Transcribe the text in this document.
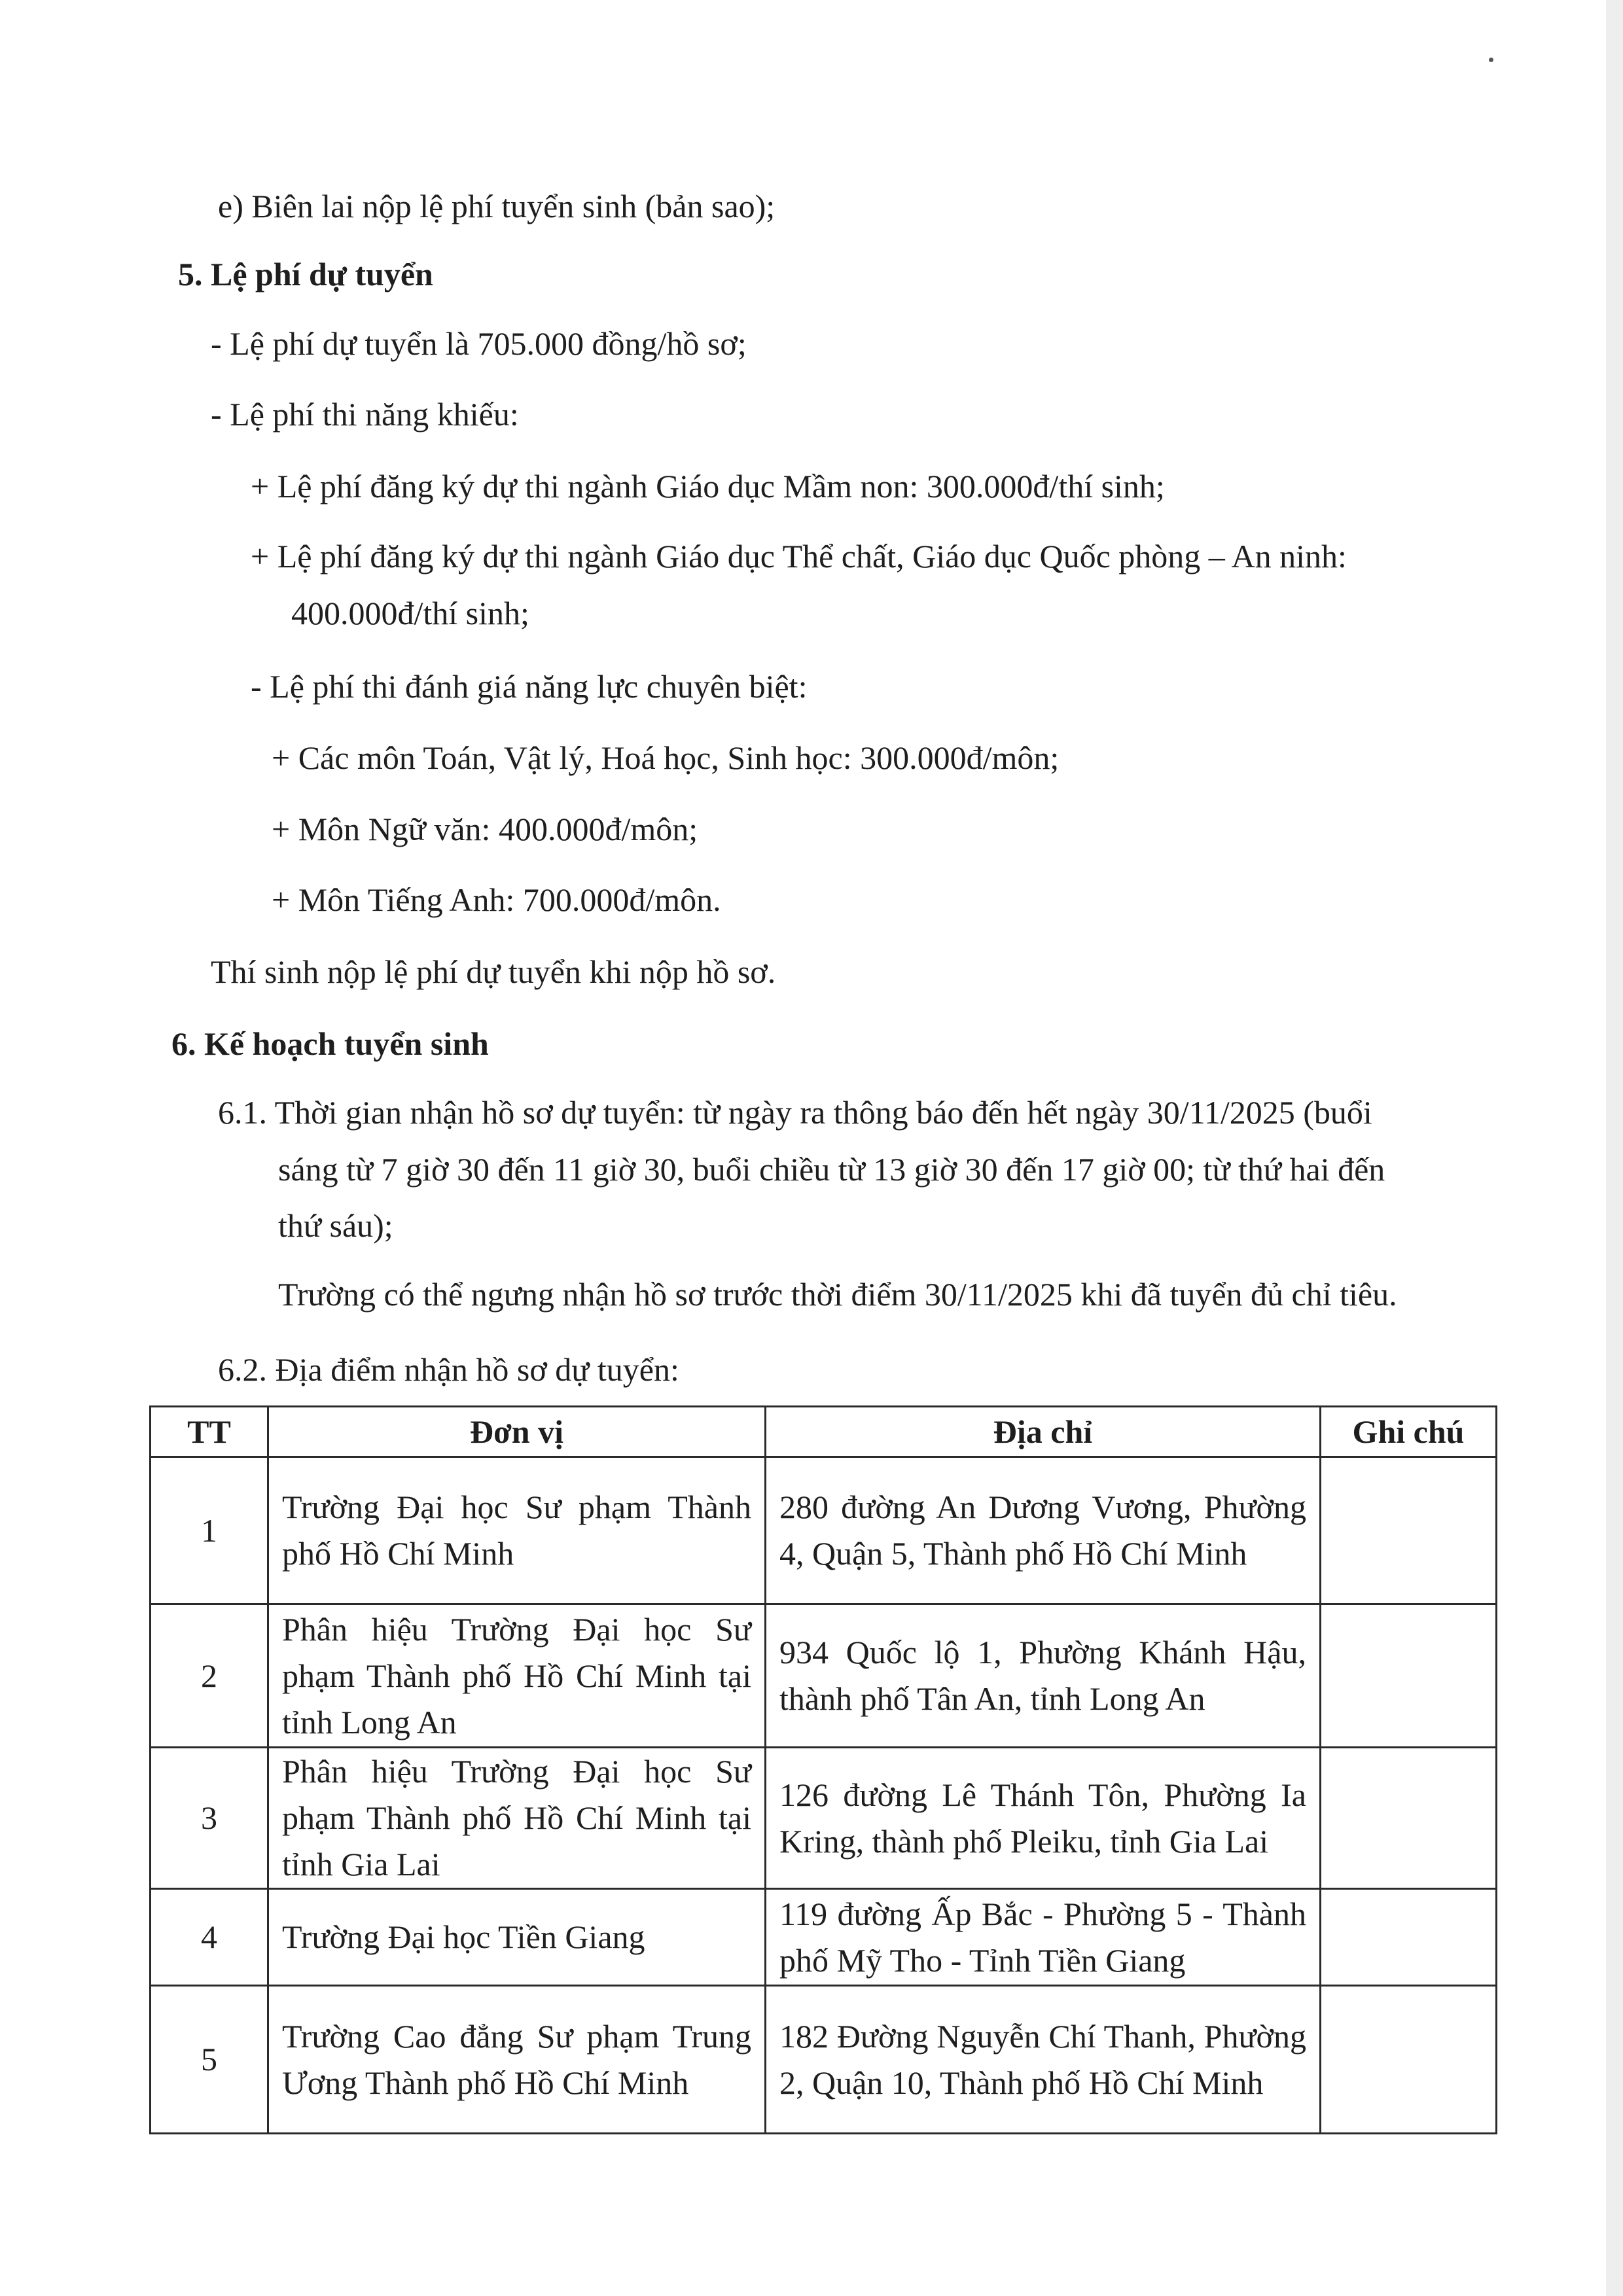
e) Biên lai nộp lệ phí tuyển sinh (bản sao);
5. Lệ phí dự tuyển
- Lệ phí dự tuyển là 705.000 đồng/hồ sơ;
- Lệ phí thi năng khiếu:
+ Lệ phí đăng ký dự thi ngành Giáo dục Mầm non: 300.000đ/thí sinh;
+ Lệ phí đăng ký dự thi ngành Giáo dục Thể chất, Giáo dục Quốc phòng – An ninh:
400.000đ/thí sinh;
- Lệ phí thi đánh giá năng lực chuyên biệt:
+ Các môn Toán, Vật lý, Hoá học, Sinh học: 300.000đ/môn;
+ Môn Ngữ văn: 400.000đ/môn;
+ Môn Tiếng Anh: 700.000đ/môn.
Thí sinh nộp lệ phí dự tuyển khi nộp hồ sơ.
6. Kế hoạch tuyển sinh
6.1. Thời gian nhận hồ sơ dự tuyển: từ ngày ra thông báo đến hết ngày 30/11/2025 (buổi
sáng từ 7 giờ 30 đến 11 giờ 30, buổi chiều từ 13 giờ 30 đến 17 giờ 00; từ thứ hai đến
thứ sáu);
Trường có thể ngưng nhận hồ sơ trước thời điểm 30/11/2025 khi đã tuyển đủ chỉ tiêu.
6.2. Địa điểm nhận hồ sơ dự tuyển:
TT	Đơn vị	Địa chỉ	Ghi chú
1	Trường Đại học Sư phạm Thành phố Hồ Chí Minh	280 đường An Dương Vương, Phường 4, Quận 5, Thành phố Hồ Chí Minh	
2	Phân hiệu Trường Đại học Sư phạm Thành phố Hồ Chí Minh tại tỉnh Long An	934 Quốc lộ 1, Phường Khánh Hậu, thành phố Tân An, tỉnh Long An	
3	Phân hiệu Trường Đại học Sư phạm Thành phố Hồ Chí Minh tại tỉnh Gia Lai	126 đường Lê Thánh Tôn, Phường Ia Kring, thành phố Pleiku, tỉnh Gia Lai	
4	Trường Đại học Tiền Giang	119 đường Ấp Bắc - Phường 5 - Thành phố Mỹ Tho - Tỉnh Tiền Giang	
5	Trường Cao đẳng Sư phạm Trung Ương Thành phố Hồ Chí Minh	182 Đường Nguyễn Chí Thanh, Phường 2, Quận 10, Thành phố Hồ Chí Minh	
